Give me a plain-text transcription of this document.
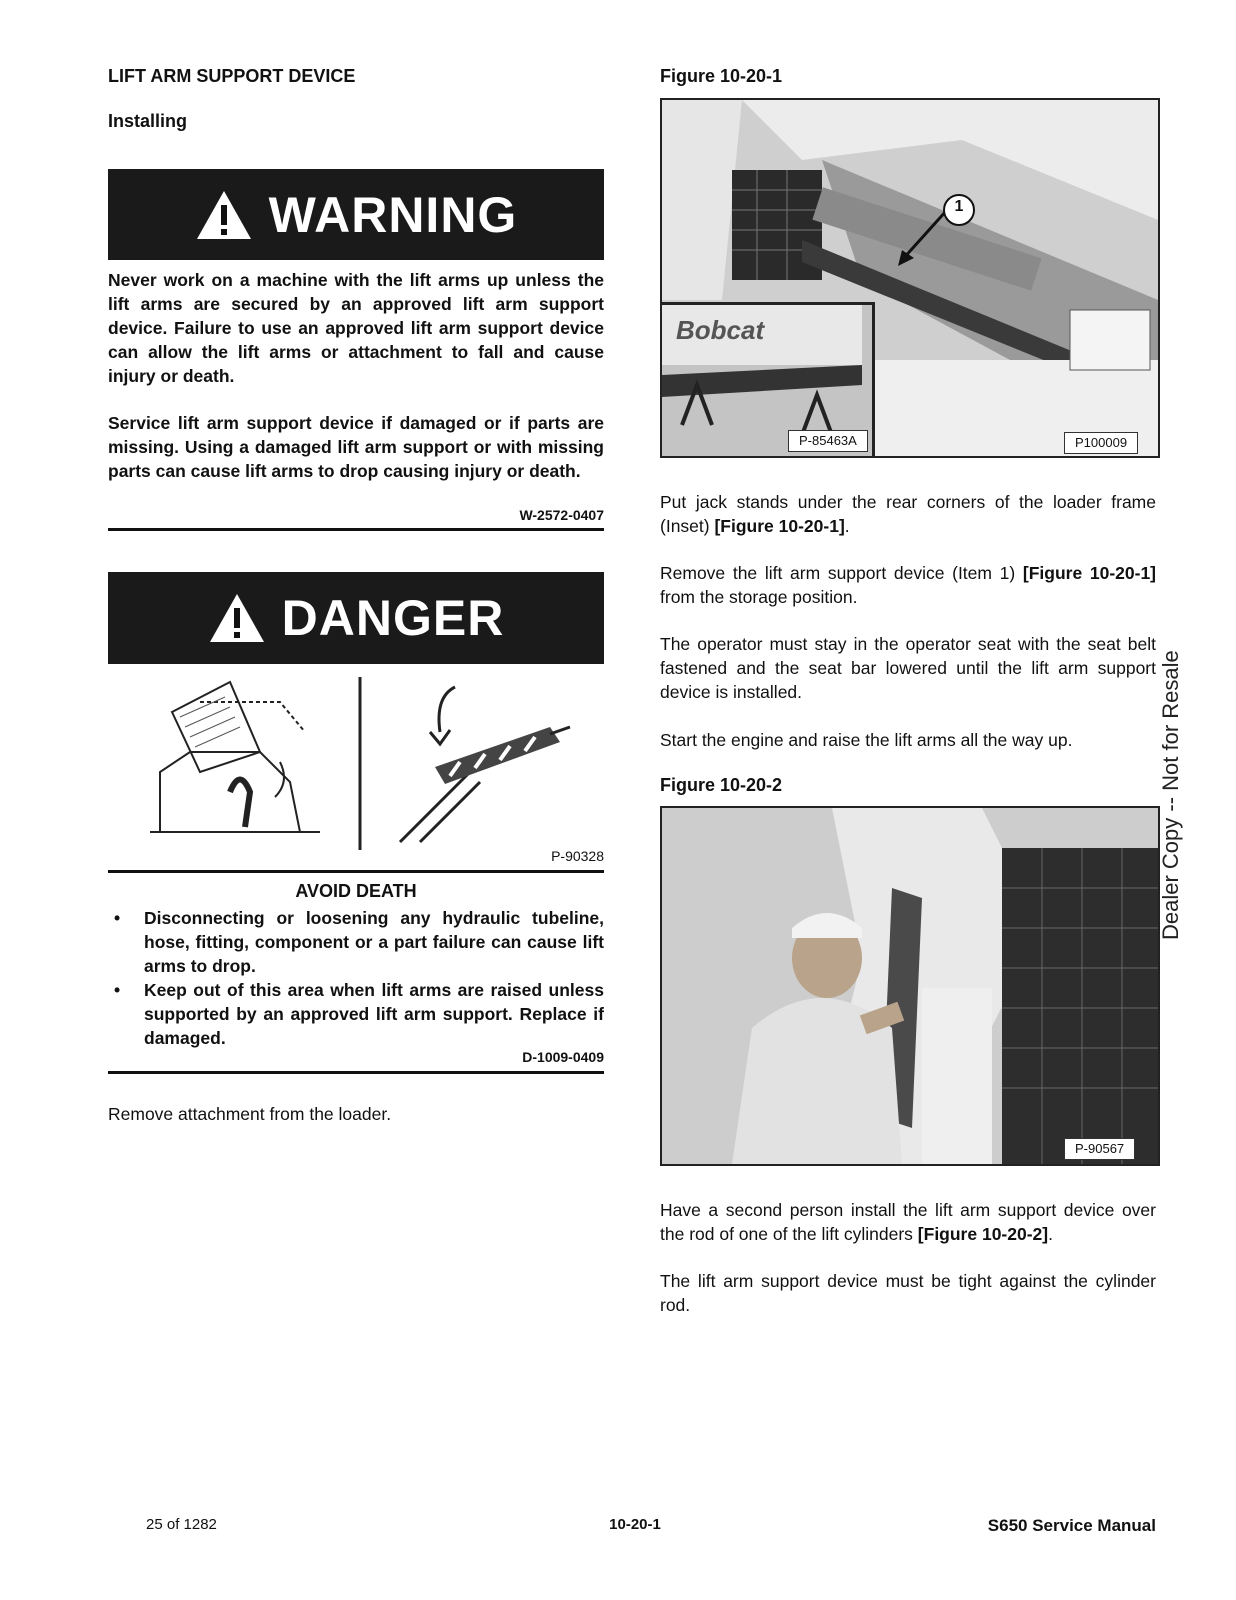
LIFT ARM SUPPORT DEVICE
Installing
WARNING
Never work on a machine with the lift arms up unless the lift arms are secured by an approved lift arm support device. Failure to use an approved lift arm support device can allow the lift arms or attachment to fall and cause injury or death.
Service lift arm support device if damaged or if parts are missing. Using a damaged lift arm support or with missing parts can cause lift arms to drop causing injury or death.
W-2572-0407
DANGER
P-90328
AVOID DEATH
• Disconnecting or loosening any hydraulic tubeline, hose, fitting, component or a part failure can cause lift arms to drop.
• Keep out of this area when lift arms are raised unless supported by an approved lift arm support. Replace if damaged.
D-1009-0409
Remove attachment from the loader.
Figure 10-20-1
1
Bobcat
P-85463A	P100009

Put jack stands under the rear corners of the loader frame (Inset) [Figure 10-20-1].

Remove the lift arm support device (Item 1) [Figure 10-20-1] from the storage position.

The operator must stay in the operator seat with the seat belt fastened and the seat bar lowered until the lift arm support device is installed.

Start the engine and raise the lift arms all the way up.

Figure 10-20-2
P-90567

Have a second person install the lift arm support device over the rod of one of the lift cylinders [Figure 10-20-2].

The lift arm support device must be tight against the cylinder rod.

Dealer Copy -- Not for Resale
25 of 1282	10-20-1	S650 Service Manual
